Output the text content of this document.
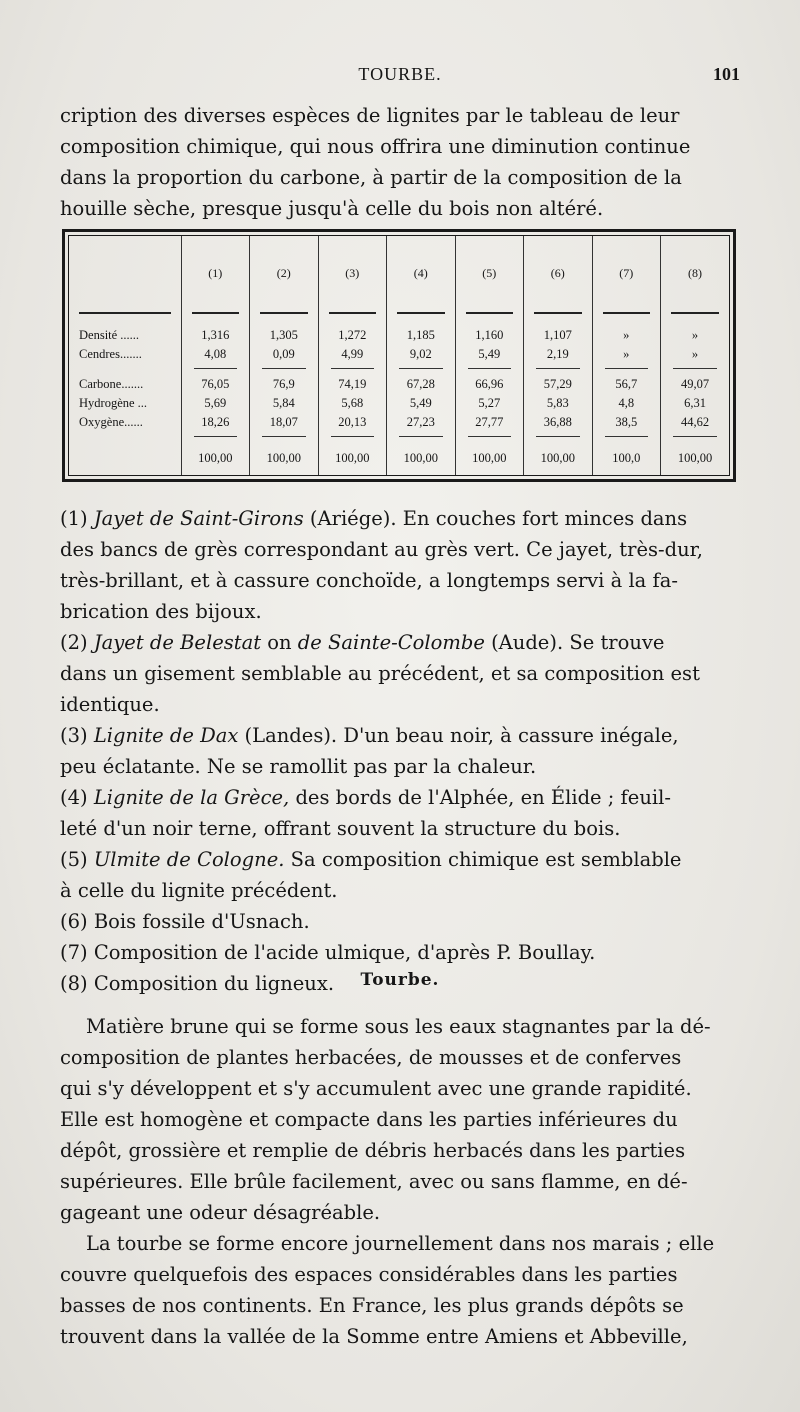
TOURBE.	101

cription des diverses espèces de lignites par le tableau de leur
composition chimique, qui nous offrira une diminution continue
dans la proportion du carbone, à partir de la composition de la
houille sèche, presque jusqu'à celle du bois non altéré.

	(1)	(2)	(3)	(4)	(5)	(6)	(7)	(8)

Densité ......	1,316	1,305	1,272	1,185	1,160	1,107	»	»
Cendres.......	4,08	0,09	4,99	9,02	5,49	2,19	»	»

Carbone.......	76,05	76,9	74,19	67,28	66,96	57,29	56,7	49,07
Hydrogène ...	5,69	5,84	5,68	5,49	5,27	5,83	4,8	6,31
Oxygène......	18,26	18,07	20,13	27,23	27,77	36,88	38,5	44,62

	100,00	100,00	100,00	100,00	100,00	100,00	100,0	100,00

(1) Jayet de Saint-Girons (Ariége). En couches fort minces dans
des bancs de grès correspondant au grès vert. Ce jayet, très-dur,
très-brillant, et à cassure conchoïde, a longtemps servi à la fa-
brication des bijoux.
(2) Jayet de Belestat on de Sainte-Colombe (Aude). Se trouve
dans un gisement semblable au précédent, et sa composition est
identique.
(3) Lignite de Dax (Landes). D'un beau noir, à cassure inégale,
peu éclatante. Ne se ramollit pas par la chaleur.
(4) Lignite de la Grèce, des bords de l'Alphée, en Élide ; feuil-
leté d'un noir terne, offrant souvent la structure du bois.
(5) Ulmite de Cologne. Sa composition chimique est semblable
à celle du lignite précédent.
(6) Bois fossile d'Usnach.
(7) Composition de l'acide ulmique, d'après P. Boullay.
(8) Composition du ligneux.	Tourbe.

Matière brune qui se forme sous les eaux stagnantes par la dé-
composition de plantes herbacées, de mousses et de conferves
qui s'y développent et s'y accumulent avec une grande rapidité.
Elle est homogène et compacte dans les parties inférieures du
dépôt, grossière et remplie de débris herbacés dans les parties
supérieures. Elle brûle facilement, avec ou sans flamme, en dé-
gageant une odeur désagréable.

La tourbe se forme encore journellement dans nos marais ; elle
couvre quelquefois des espaces considérables dans les parties
basses de nos continents. En France, les plus grands dépôts se
trouvent dans la vallée de la Somme entre Amiens et Abbeville,
